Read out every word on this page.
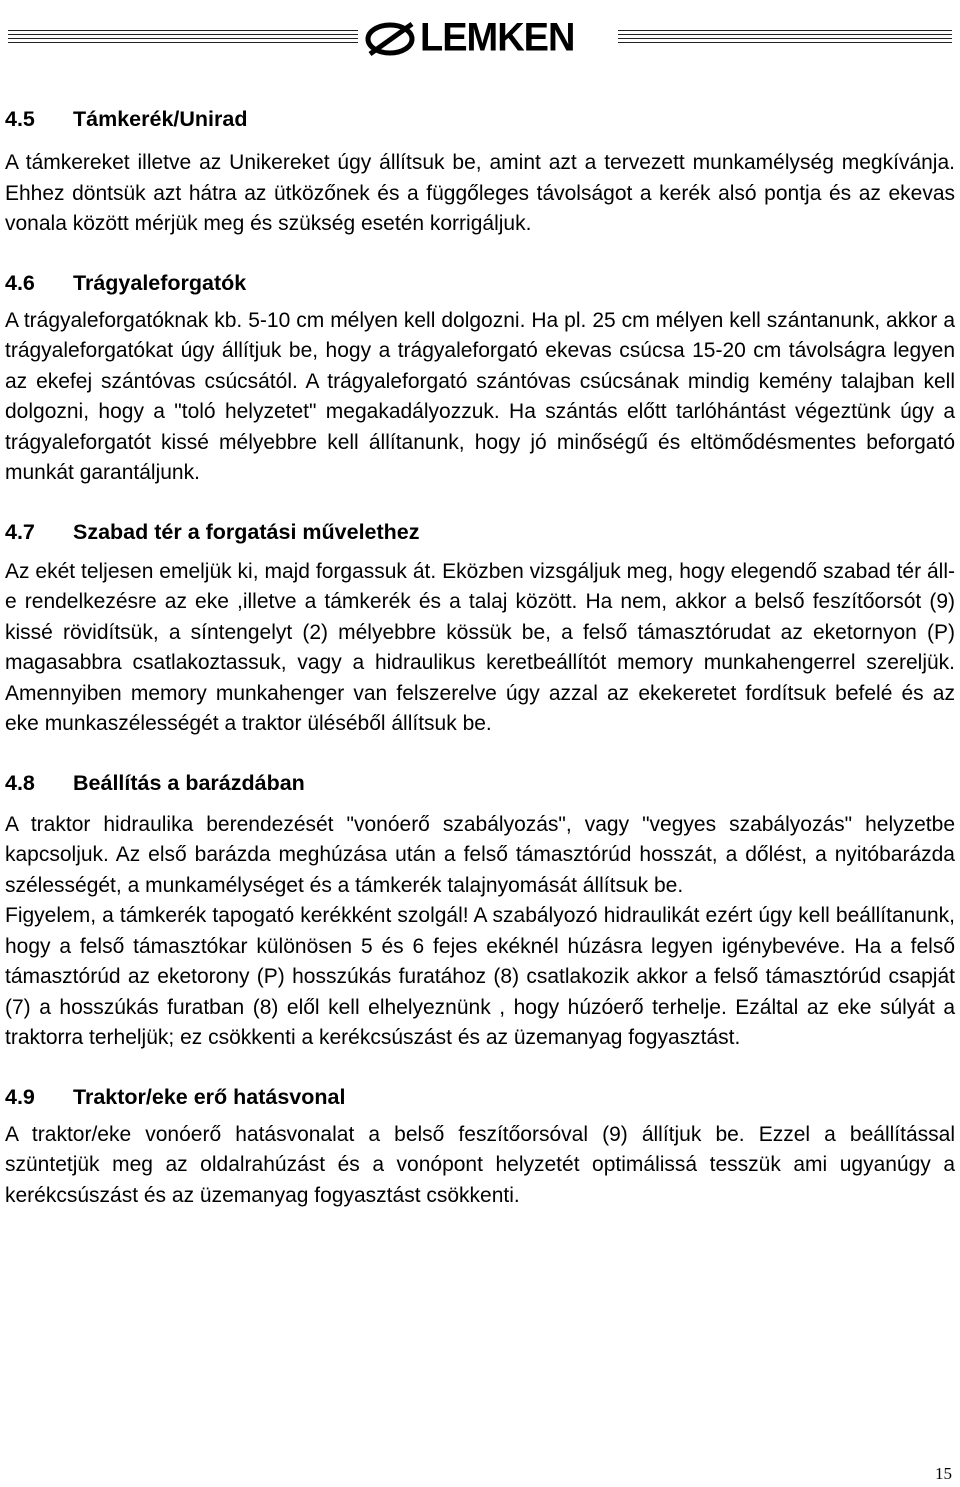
LEMKEN
4.5	Támkerék/Unirad

A támkereket illetve az Unikereket úgy állítsuk be, amint azt a tervezett munkamélység megkívánja. Ehhez döntsük azt hátra az ütközőnek és a függőleges távolságot a kerék alsó pontja és az ekevas vonala között mérjük meg és szükség esetén korrigáljuk.

4.6	Trágyaleforgatók

A trágyaleforgatóknak kb. 5-10 cm mélyen kell dolgozni. Ha pl. 25 cm mélyen kell szántanunk, akkor a trágyaleforgatókat úgy állítjuk be, hogy a trágyaleforgató ekevas csúcsa 15-20 cm távolságra legyen az ekefej szántóvas csúcsától. A trágyaleforgató szántóvas csúcsának mindig kemény talajban kell dolgozni, hogy a "toló helyzetet" megakadályozzuk. Ha szántás előtt tarlóhántást végeztünk úgy a trágyaleforgatót kissé mélyebbre kell állítanunk, hogy jó minőségű és eltömődésmentes beforgató munkát garantáljunk.

4.7	Szabad tér a forgatási művelethez

Az ekét teljesen emeljük ki, majd forgassuk át. Eközben vizsgáljuk meg, hogy elegendő szabad tér áll-e rendelkezésre az eke ,illetve a támkerék és a talaj között. Ha nem, akkor a belső feszítőorsót (9) kissé rövidítsük, a síntengelyt (2) mélyebbre kössük be, a felső támasztórudat az eketornyon (P) magasabbra csatlakoztassuk, vagy a hidraulikus keretbeállítót memory munkahengerrel szereljük. Amennyiben memory munkahenger van felszerelve úgy azzal az ekekeretet fordítsuk befelé és az eke munkaszélességét a traktor üléséből állítsuk be.

4.8	Beállítás a barázdában

A traktor hidraulika berendezését "vonóerő szabályozás", vagy "vegyes szabályozás" helyzetbe kapcsoljuk. Az első barázda meghúzása után a felső támasztórúd hosszát, a dőlést, a nyitóbarázda szélességét, a munkamélységet és a támkerék talajnyomását állítsuk be.

Figyelem, a támkerék tapogató kerékként szolgál! A szabályozó hidraulikát ezért úgy kell beállítanunk, hogy a felső támasztókar különösen 5 és 6 fejes ekéknél húzásra legyen igénybevéve. Ha a felső támasztórúd az eketorony (P) hosszúkás furatához (8) csatlakozik akkor a felső támasztórúd csapját (7) a hosszúkás furatban (8) elől kell elhelyeznünk , hogy húzóerő terhelje. Ezáltal az eke súlyát a traktorra terheljük; ez csökkenti a kerékcsúszást és az üzemanyag fogyasztást.

4.9	Traktor/eke erő hatásvonal

A traktor/eke vonóerő hatásvonalat a belső feszítőorsóval (9) állítjuk be. Ezzel a beállítással szüntetjük meg az oldalrahúzást és a vonópont helyzetét optimálissá tesszük ami ugyanúgy a kerékcsúszást és az üzemanyag fogyasztást csökkenti.

15
